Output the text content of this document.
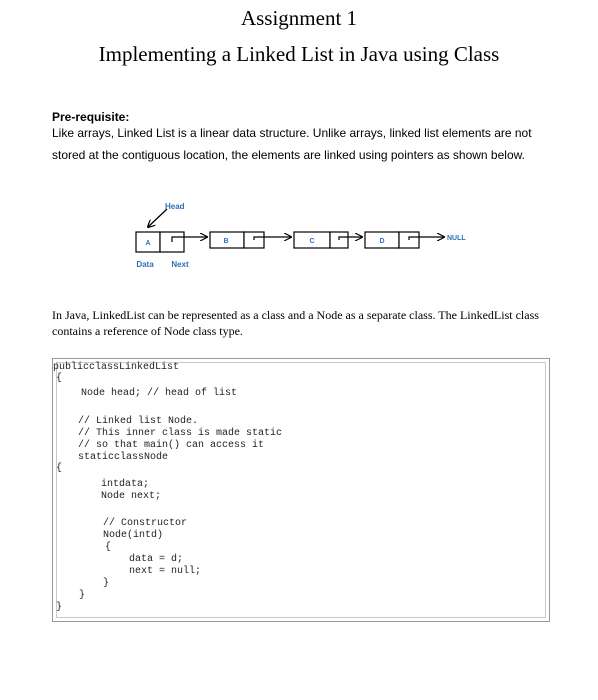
Assignment 1
Implementing a Linked List in Java using Class
Pre-requisite:
Like arrays, Linked List is a linear data structure. Unlike arrays, linked list elements are not stored at the contiguous location, the elements are linked using pointers as shown below.
Head
A	B	C	D	NULL
Data Next
In Java, LinkedList can be represented as a class and a Node as a separate class. The LinkedList class contains a reference of Node class type.
publicclassLinkedList
{
Node head; // head of list
// Linked list Node.
// This inner class is made static
// so that main() can access it
staticclassNode
{
intdata;
Node next;
// Constructor
Node(intd)
{
data = d;
next = null;
}
}
}
